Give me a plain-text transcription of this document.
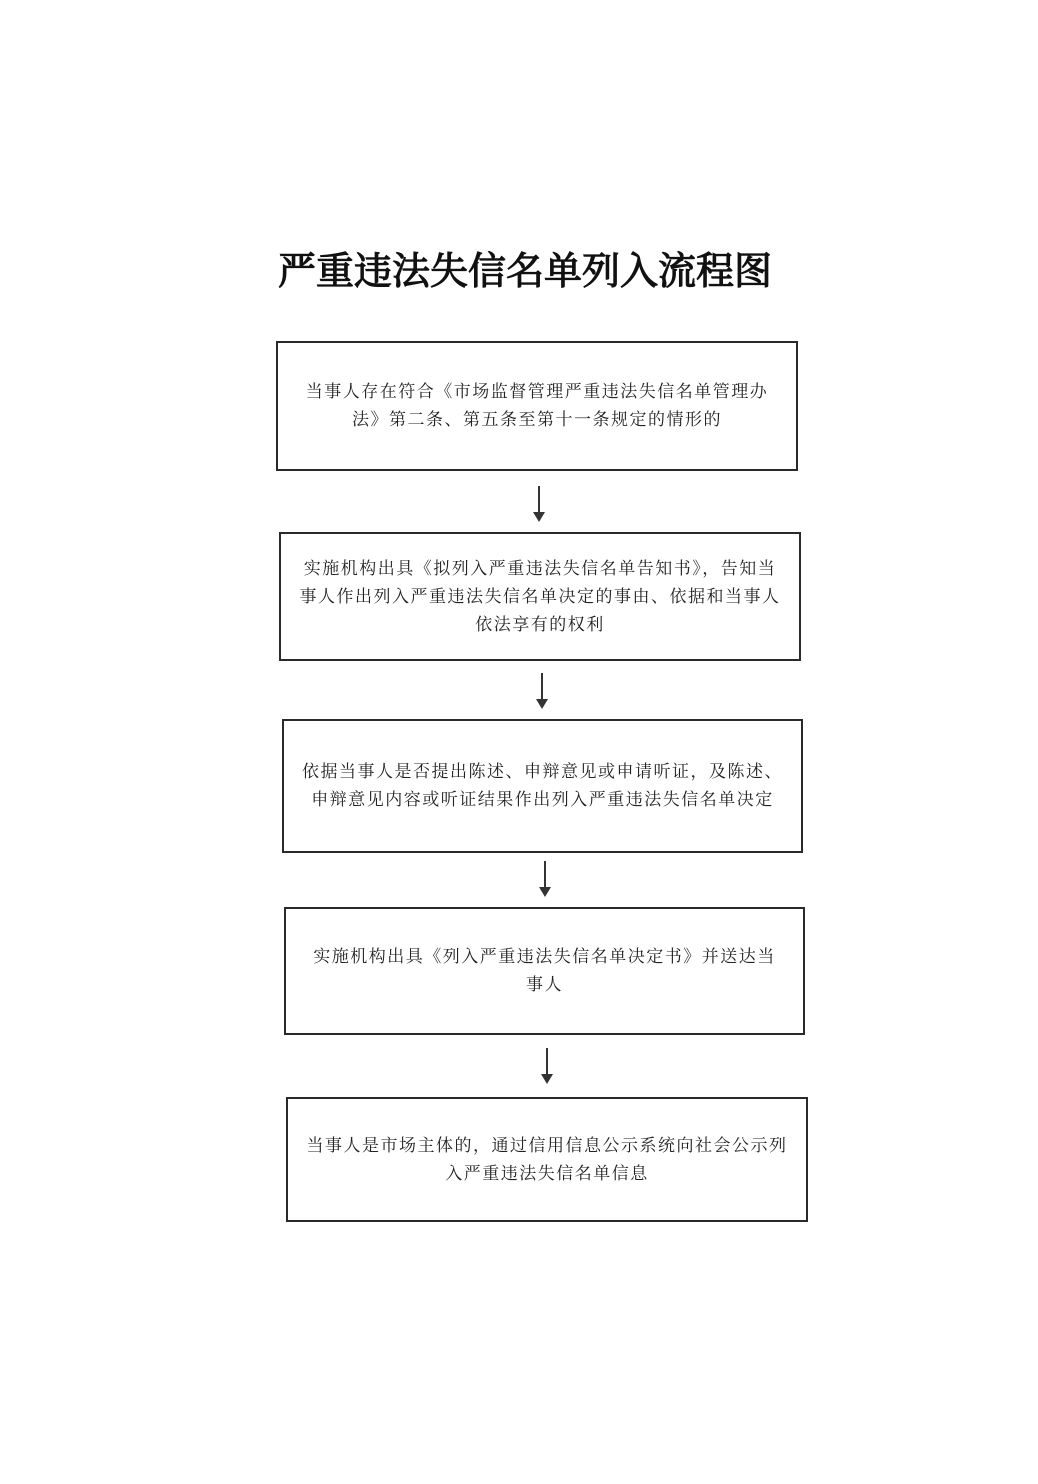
严重违法失信名单列入流程图
当事人存在符合《市场监督管理严重违法失信名单管理办法》第二条、第五条至第十一条规定的情形的
实施机构出具《拟列入严重违法失信名单告知书》，告知当事人作出列入严重违法失信名单决定的事由、依据和当事人依法享有的权利
依据当事人是否提出陈述、申辩意见或申请听证，及陈述、申辩意见内容或听证结果作出列入严重违法失信名单决定
实施机构出具《列入严重违法失信名单决定书》并送达当事人
当事人是市场主体的，通过信用信息公示系统向社会公示列入严重违法失信名单信息
